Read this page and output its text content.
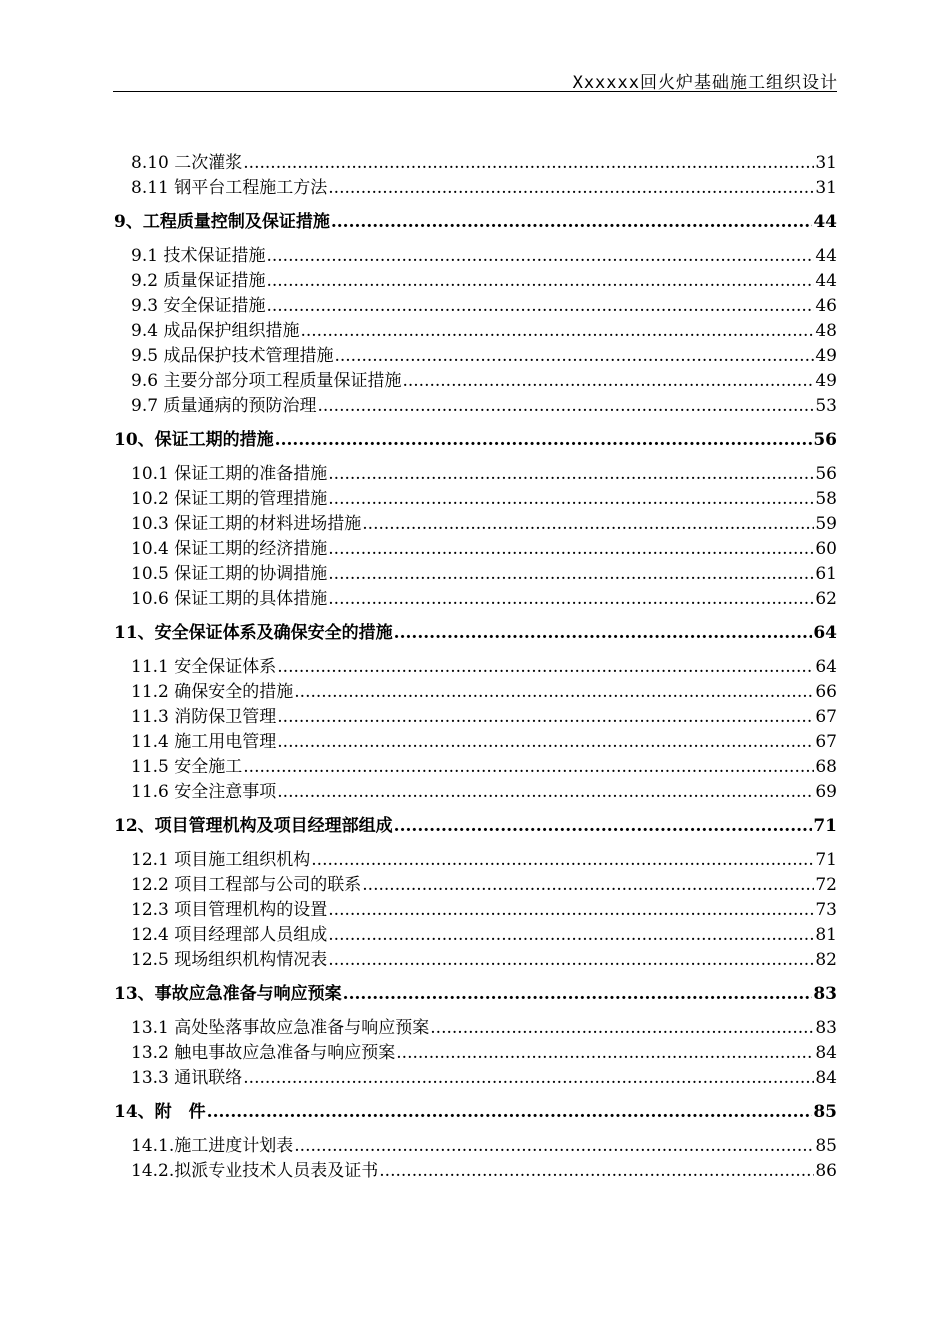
Xxxxxx回火炉基础施工组织设计
8.10 二次灌浆 .....	31
8.11 钢平台工程施工方法 .....	31
9、工程质量控制及保证措施 .....	44
9.1 技术保证措施 .....	44
9.2 质量保证措施 .....	44
9.3 安全保证措施 .....	46
9.4 成品保护组织措施 .....	48
9.5 成品保护技术管理措施 .....	49
9.6 主要分部分项工程质量保证措施 .....	49
9.7 质量通病的预防治理 .....	53
10、保证工期的措施 .....	56
10.1 保证工期的准备措施 .....	56
10.2 保证工期的管理措施 .....	58
10.3 保证工期的材料进场措施 .....	59
10.4 保证工期的经济措施 .....	60
10.5 保证工期的协调措施 .....	61
10.6 保证工期的具体措施 .....	62
11、安全保证体系及确保安全的措施 .....	64
11.1 安全保证体系 .....	64
11.2 确保安全的措施 .....	66
11.3 消防保卫管理 .....	67
11.4 施工用电管理 .....	67
11.5 安全施工 .....	68
11.6 安全注意事项 .....	69
12、项目管理机构及项目经理部组成 .....	71
12.1 项目施工组织机构 .....	71
12.2 项目工程部与公司的联系 .....	72
12.3 项目管理机构的设置 .....	73
12.4 项目经理部人员组成 .....	81
12.5 现场组织机构情况表 .....	82
13、事故应急准备与响应预案 .....	83
13.1 高处坠落事故应急准备与响应预案 .....	83
13.2 触电事故应急准备与响应预案 .....	84
13.3 通讯联络 .....	84
14、附　件 .....	85
14.1.施工进度计划表 .....	85
14.2.拟派专业技术人员表及证书 .....	86
